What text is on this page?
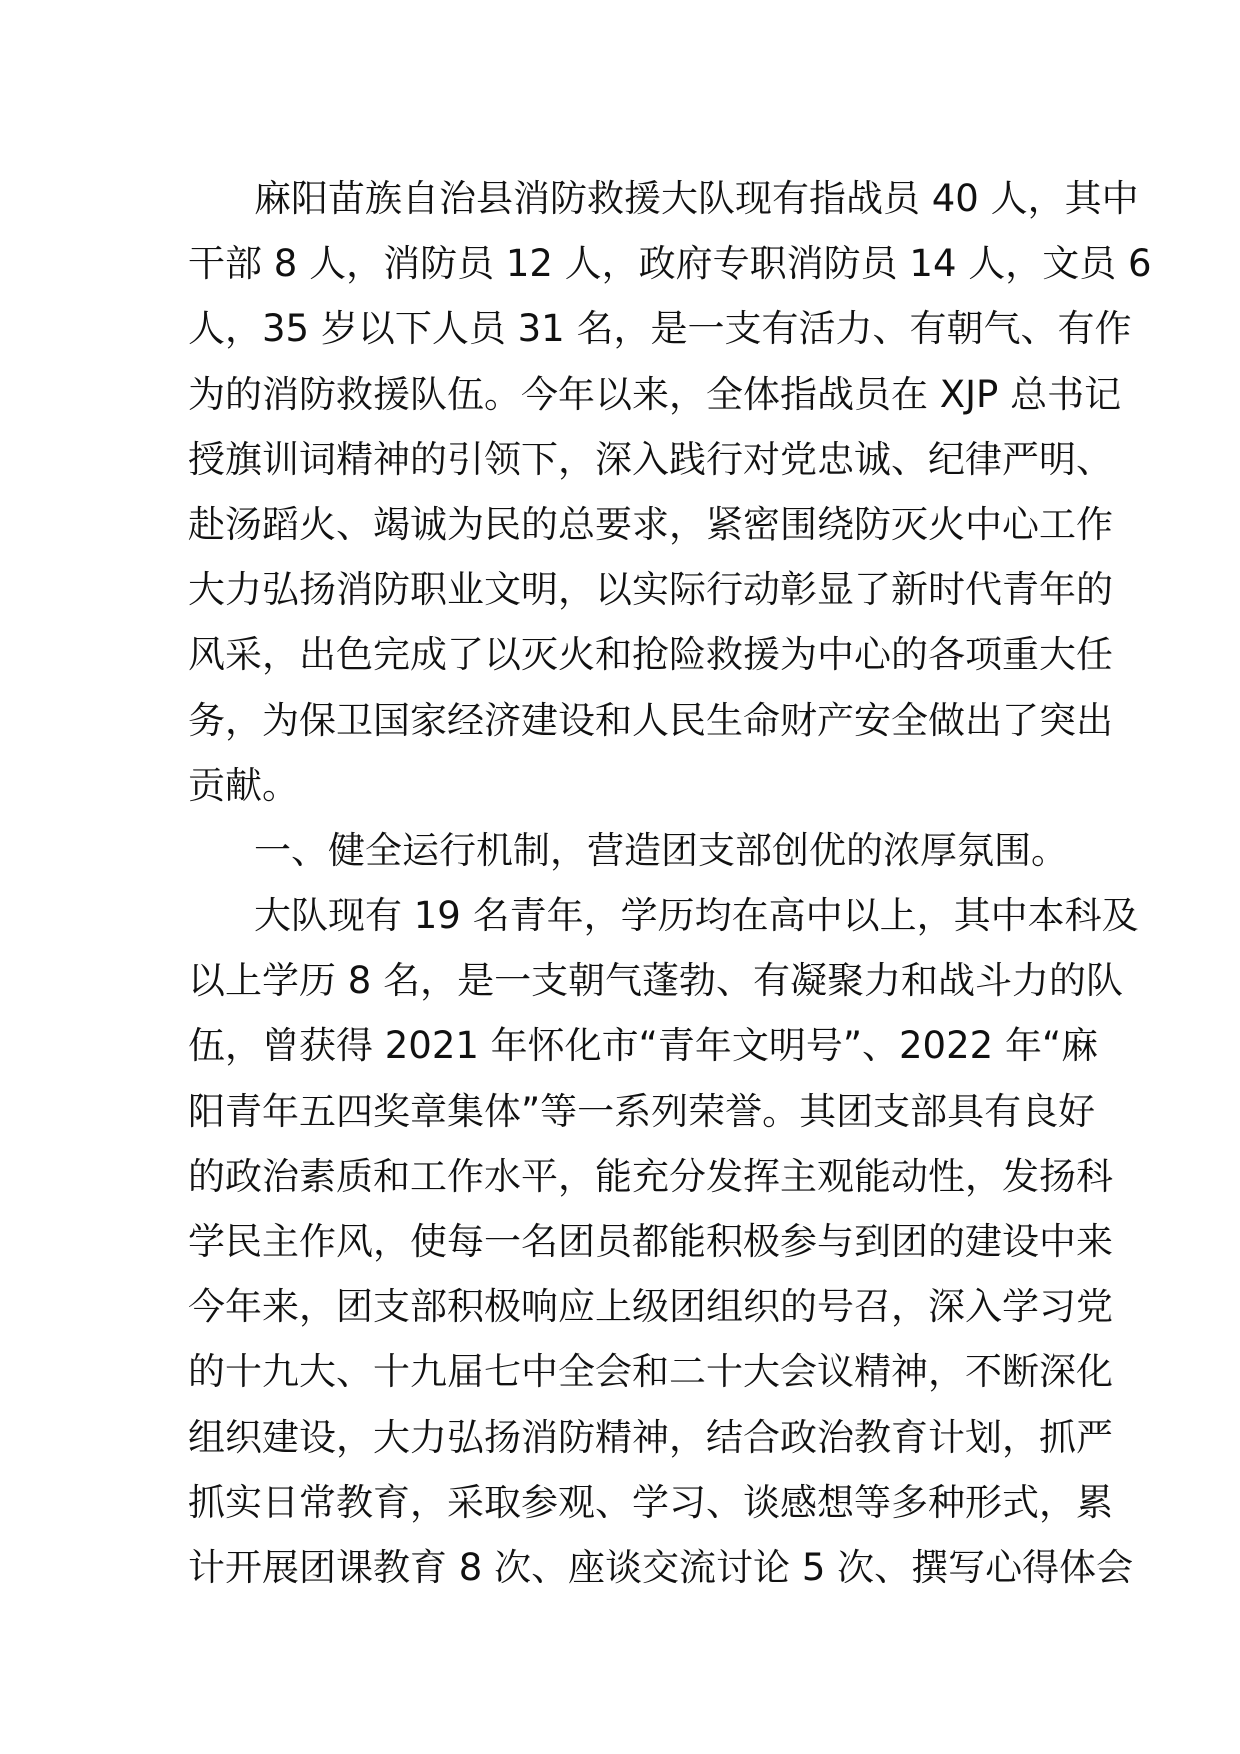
麻阳苗族自治县消防救援大队现有指战员 40 人，其中
干部 8 人，消防员 12 人，政府专职消防员 14 人，文员 6
人，35 岁以下人员 31 名，是一支有活力、有朝气、有作
为的消防救援队伍。今年以来，全体指战员在 XJP 总书记
授旗训词精神的引领下，深入践行对党忠诚、纪律严明、
赴汤蹈火、竭诚为民的总要求，紧密围绕防灭火中心工作
大力弘扬消防职业文明，以实际行动彰显了新时代青年的
风采，出色完成了以灭火和抢险救援为中心的各项重大任
务，为保卫国家经济建设和人民生命财产安全做出了突出
贡献。
一、健全运行机制，营造团支部创优的浓厚氛围。
大队现有 19 名青年，学历均在高中以上，其中本科及
以上学历 8 名，是一支朝气蓬勃、有凝聚力和战斗力的队
伍，曾获得 2021 年怀化市“青年文明号”、2022 年“麻
阳青年五四奖章集体”等一系列荣誉。其团支部具有良好
的政治素质和工作水平，能充分发挥主观能动性，发扬科
学民主作风，使每一名团员都能积极参与到团的建设中来
今年来，团支部积极响应上级团组织的号召，深入学习党
的十九大、十九届七中全会和二十大会议精神，不断深化
组织建设，大力弘扬消防精神，结合政治教育计划，抓严
抓实日常教育，采取参观、学习、谈感想等多种形式，累
计开展团课教育 8 次、座谈交流讨论 5 次、撰写心得体会
